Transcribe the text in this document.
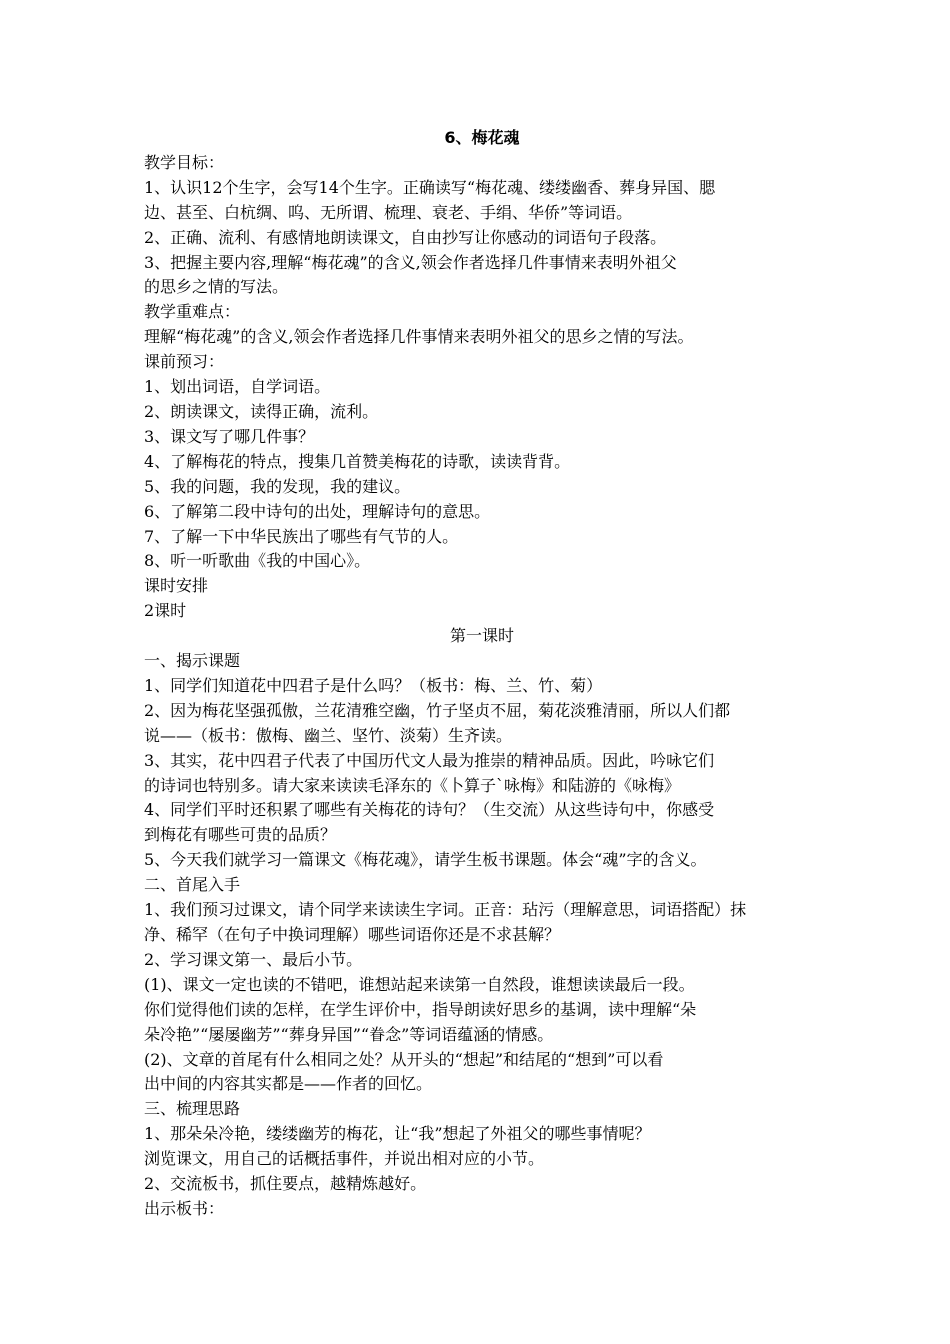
6、梅花魂

教学目标：

1、认识12个生字，会写14个生字。正确读写“梅花魂、缕缕幽香、葬身异国、腮

边、甚至、白杭绸、呜、无所谓、梳理、衰老、手绢、华侨”等词语。

2、正确、流利、有感情地朗读课文，自由抄写让你感动的词语句子段落。

3、把握主要内容,理解“梅花魂”的含义,领会作者选择几件事情来表明外祖父

的思乡之情的写法。

教学重难点：

理解“梅花魂”的含义,领会作者选择几件事情来表明外祖父的思乡之情的写法。

课前预习：

1、划出词语，自学词语。

2、朗读课文，读得正确，流利。

3、课文写了哪几件事？

4、了解梅花的特点，搜集几首赞美梅花的诗歌，读读背背。

5、我的问题，我的发现，我的建议。

6、了解第二段中诗句的出处，理解诗句的意思。

7、了解一下中华民族出了哪些有气节的人。

8、听一听歌曲《我的中国心》。

课时安排

2课时

第一课时

一、揭示课题

1、同学们知道花中四君子是什么吗？（板书：梅、兰、竹、菊）

2、因为梅花坚强孤傲，兰花清雅空幽，竹子坚贞不屈，菊花淡雅清丽，所以人们都

说——（板书：傲梅、幽兰、坚竹、淡菊）生齐读。

3、其实，花中四君子代表了中国历代文人最为推崇的精神品质。因此，吟咏它们

的诗词也特别多。请大家来读读毛泽东的《卜算子`咏梅》和陆游的《咏梅》

4、同学们平时还积累了哪些有关梅花的诗句？（生交流）从这些诗句中，你感受

到梅花有哪些可贵的品质？

5、今天我们就学习一篇课文《梅花魂》，请学生板书课题。体会“魂”字的含义。

二、首尾入手

1、我们预习过课文，请个同学来读读生字词。正音：玷污（理解意思，词语搭配）抹

净、稀罕（在句子中换词理解）哪些词语你还是不求甚解？

2、学习课文第一、最后小节。

(1)、课文一定也读的不错吧，谁想站起来读第一自然段，谁想读读最后一段。

你们觉得他们读的怎样，在学生评价中，指导朗读好思乡的基调，读中理解“朵

朵冷艳”“屡屡幽芳”“葬身异国”“眷念”等词语蕴涵的情感。

(2)、文章的首尾有什么相同之处？从开头的“想起”和结尾的“想到”可以看

出中间的内容其实都是——作者的回忆。

三、梳理思路

1、那朵朵冷艳，缕缕幽芳的梅花，让“我”想起了外祖父的哪些事情呢？

浏览课文，用自己的话概括事件，并说出相对应的小节。

2、交流板书，抓住要点，越精炼越好。

出示板书：
